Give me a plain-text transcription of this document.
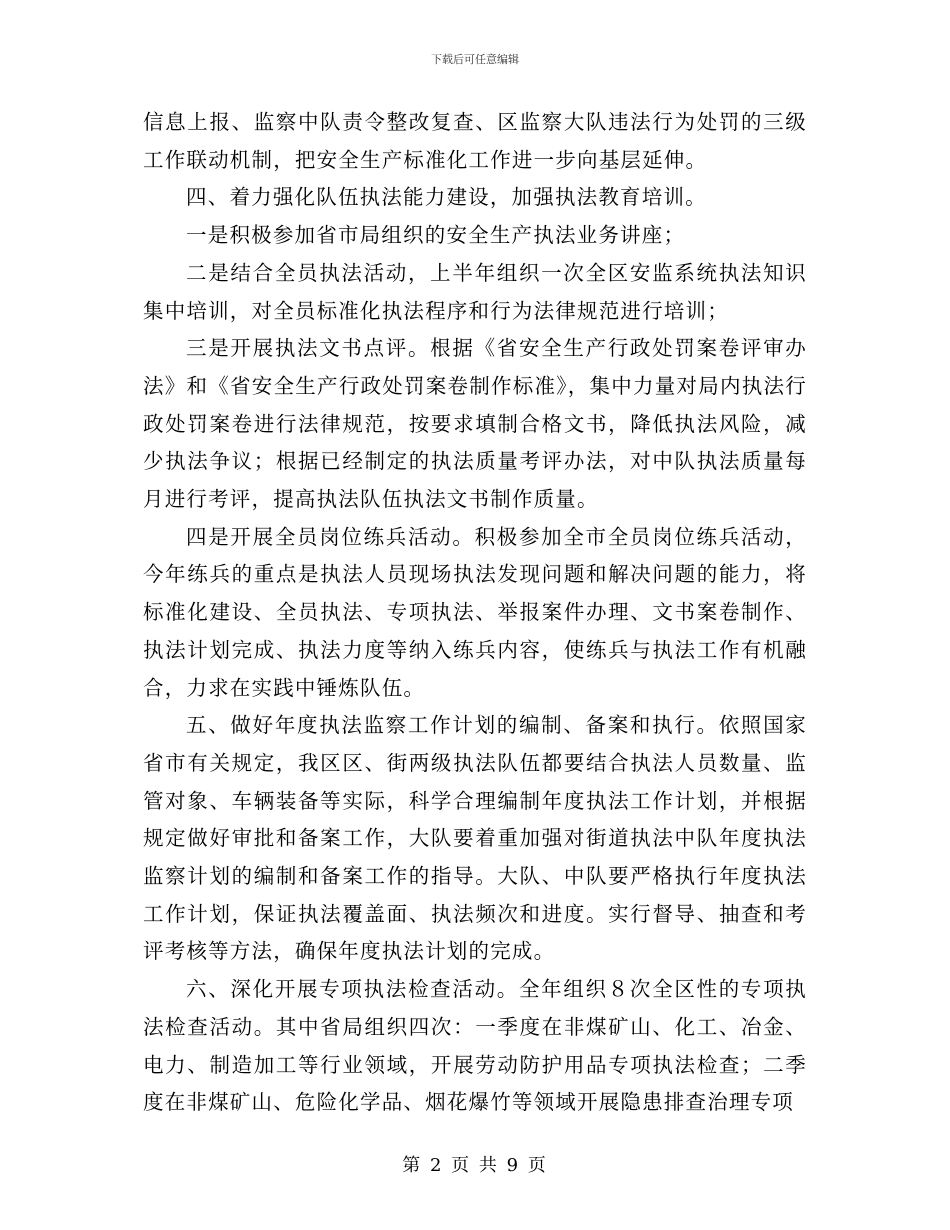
下载后可任意编辑

信息上报、监察中队责令整改复查、区监察大队违法行为处罚的三级工作联动机制，把安全生产标准化工作进一步向基层延伸。

四、着力强化队伍执法能力建设，加强执法教育培训。

一是积极参加省市局组织的安全生产执法业务讲座；

二是结合全员执法活动，上半年组织一次全区安监系统执法知识集中培训，对全员标准化执法程序和行为法律规范进行培训；

三是开展执法文书点评。根据《省安全生产行政处罚案卷评审办法》和《省安全生产行政处罚案卷制作标准》，集中力量对局内执法行政处罚案卷进行法律规范，按要求填制合格文书，降低执法风险，减少执法争议；根据已经制定的执法质量考评办法，对中队执法质量每月进行考评，提高执法队伍执法文书制作质量。

四是开展全员岗位练兵活动。积极参加全市全员岗位练兵活动，今年练兵的重点是执法人员现场执法发现问题和解决问题的能力，将标准化建设、全员执法、专项执法、举报案件办理、文书案卷制作、执法计划完成、执法力度等纳入练兵内容，使练兵与执法工作有机融合，力求在实践中锤炼队伍。

五、做好年度执法监察工作计划的编制、备案和执行。依照国家省市有关规定，我区区、街两级执法队伍都要结合执法人员数量、监管对象、车辆装备等实际，科学合理编制年度执法工作计划，并根据规定做好审批和备案工作，大队要着重加强对街道执法中队年度执法监察计划的编制和备案工作的指导。大队、中队要严格执行年度执法工作计划，保证执法覆盖面、执法频次和进度。实行督导、抽查和考评考核等方法，确保年度执法计划的完成。

六、深化开展专项执法检查活动。全年组织８次全区性的专项执法检查活动。其中省局组织四次：一季度在非煤矿山、化工、冶金、电力、制造加工等行业领域，开展劳动防护用品专项执法检查；二季度在非煤矿山、危险化学品、烟花爆竹等领域开展隐患排查治理专项

第 2 页 共 9 页
